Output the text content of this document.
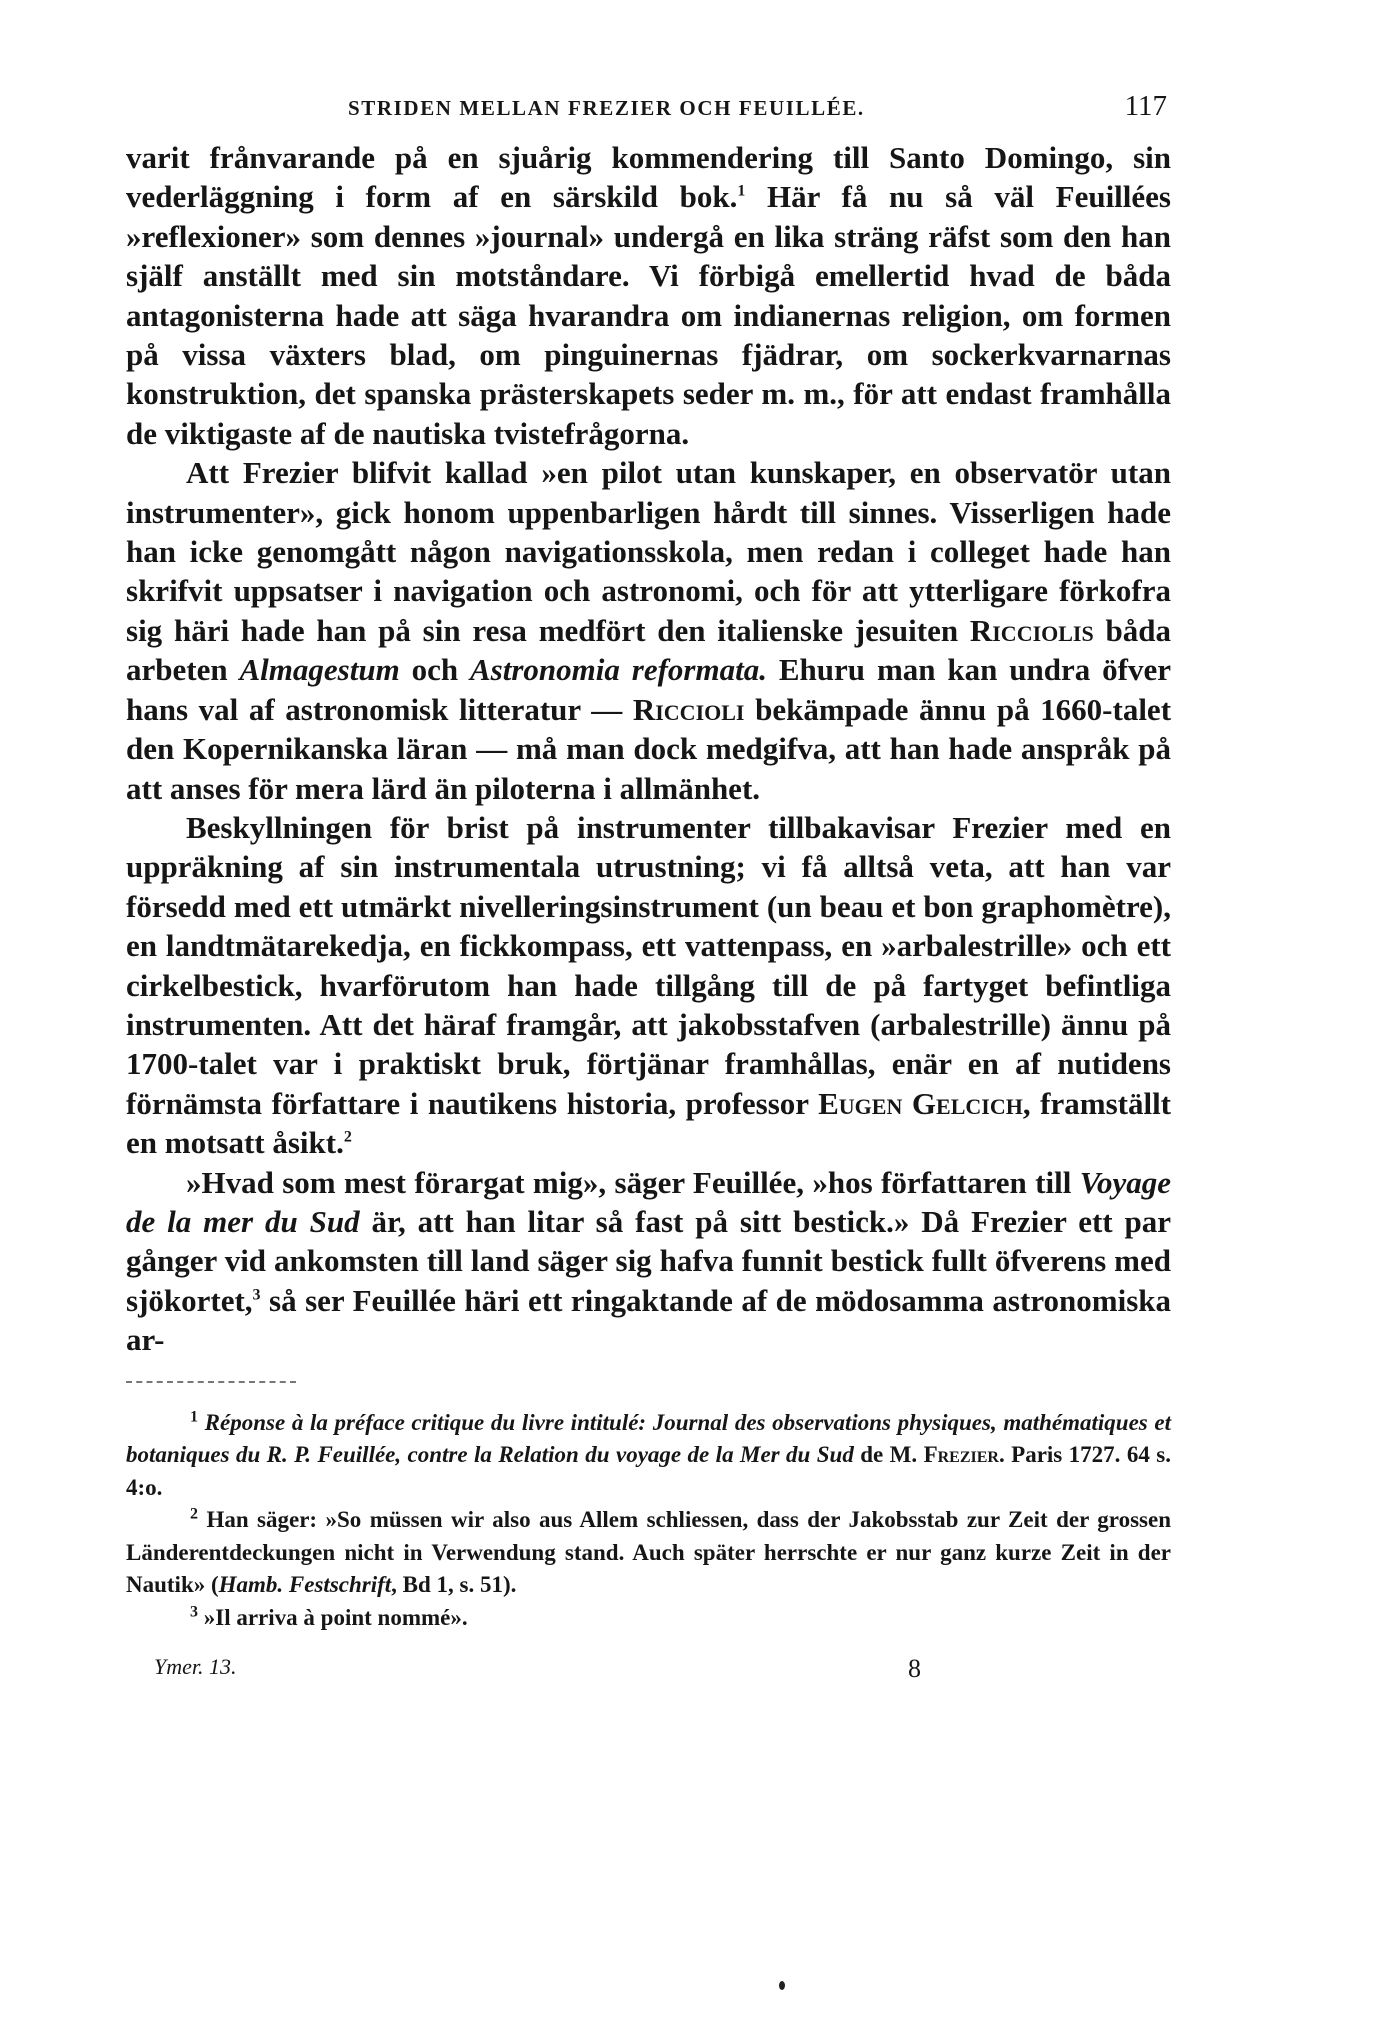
STRIDEN MELLAN FREZIER OCH FEUILLÉE.	117

varit frånvarande på en sjuårig kommendering till Santo Domingo, sin vederläggning i form af en särskild bok.$^1$ Här få nu så väl Feuillées »reflexioner» som dennes »journal» undergå en lika sträng räfst som den han själf anställt med sin motståndare. Vi förbigå emellertid hvad de båda antagonisterna hade att säga hvarandra om indianernas religion, om formen på vissa växters blad, om pinguinernas fjädrar, om sockerkvarnarnas konstruktion, det spanska prästerskapets seder m. m., för att endast framhålla de viktigaste af de nautiska tvistefrågorna.

Att Frezier blifvit kallad »en pilot utan kunskaper, en observatör utan instrumenter», gick honom uppenbarligen hårdt till sinnes. Visserligen hade han icke genomgått någon navigationsskola, men redan i colleget hade han skrifvit uppsatser i navigation och astronomi, och för att ytterligare förkofra sig häri hade han på sin resa medfört den italienske jesuiten Ricciolis båda arbeten Almagestum och Astronomia reformata. Ehuru man kan undra öfver hans val af astronomisk litteratur — Riccioli bekämpade ännu på 1660-talet den Kopernikanska läran — må man dock medgifva, att han hade anspråk på att anses för mera lärd än piloterna i allmänhet.

Beskyllningen för brist på instrumenter tillbakavisar Frezier med en uppräkning af sin instrumentala utrustning; vi få alltså veta, att han var försedd med ett utmärkt nivelleringsinstrument (un beau et bon graphomètre), en landtmätarekedja, en fickkompass, ett vattenpass, en »arbalestrille» och ett cirkelbestick, hvarförutom han hade tillgång till de på fartyget befintliga instrumenten. Att det häraf framgår, att jakobsstafven (arbalestrille) ännu på 1700-talet var i praktiskt bruk, förtjänar framhållas, enär en af nutidens förnämsta författare i nautikens historia, professor Eugen Gelcich, framställt en motsatt åsikt.$^2$

»Hvad som mest förargat mig», säger Feuillée, »hos författaren till Voyage de la mer du Sud är, att han litar så fast på sitt bestick.» Då Frezier ett par gånger vid ankomsten till land säger sig hafva funnit bestick fullt öfverens med sjökortet,$^3$ så ser Feuillée häri ett ringaktande af de mödosamma astronomiska ar-

$^1$ Réponse à la préface critique du livre intitulé: Journal des observations physiques, mathématiques et botaniques du R. P. Feuillée, contre la Relation du voyage de la Mer du Sud de M. Frezier. Paris 1727. 64 s. 4:o.

$^2$ Han säger: »So müssen wir also aus Allem schliessen, dass der Jakobsstab zur Zeit der grossen Länderentdeckungen nicht in Verwendung stand. Auch später herrschte er nur ganz kurze Zeit in der Nautik» (Hamb. Festschrift, Bd 1, s. 51).

$^3$ »Il arriva à point nommé».

Ymer. 13.	8
